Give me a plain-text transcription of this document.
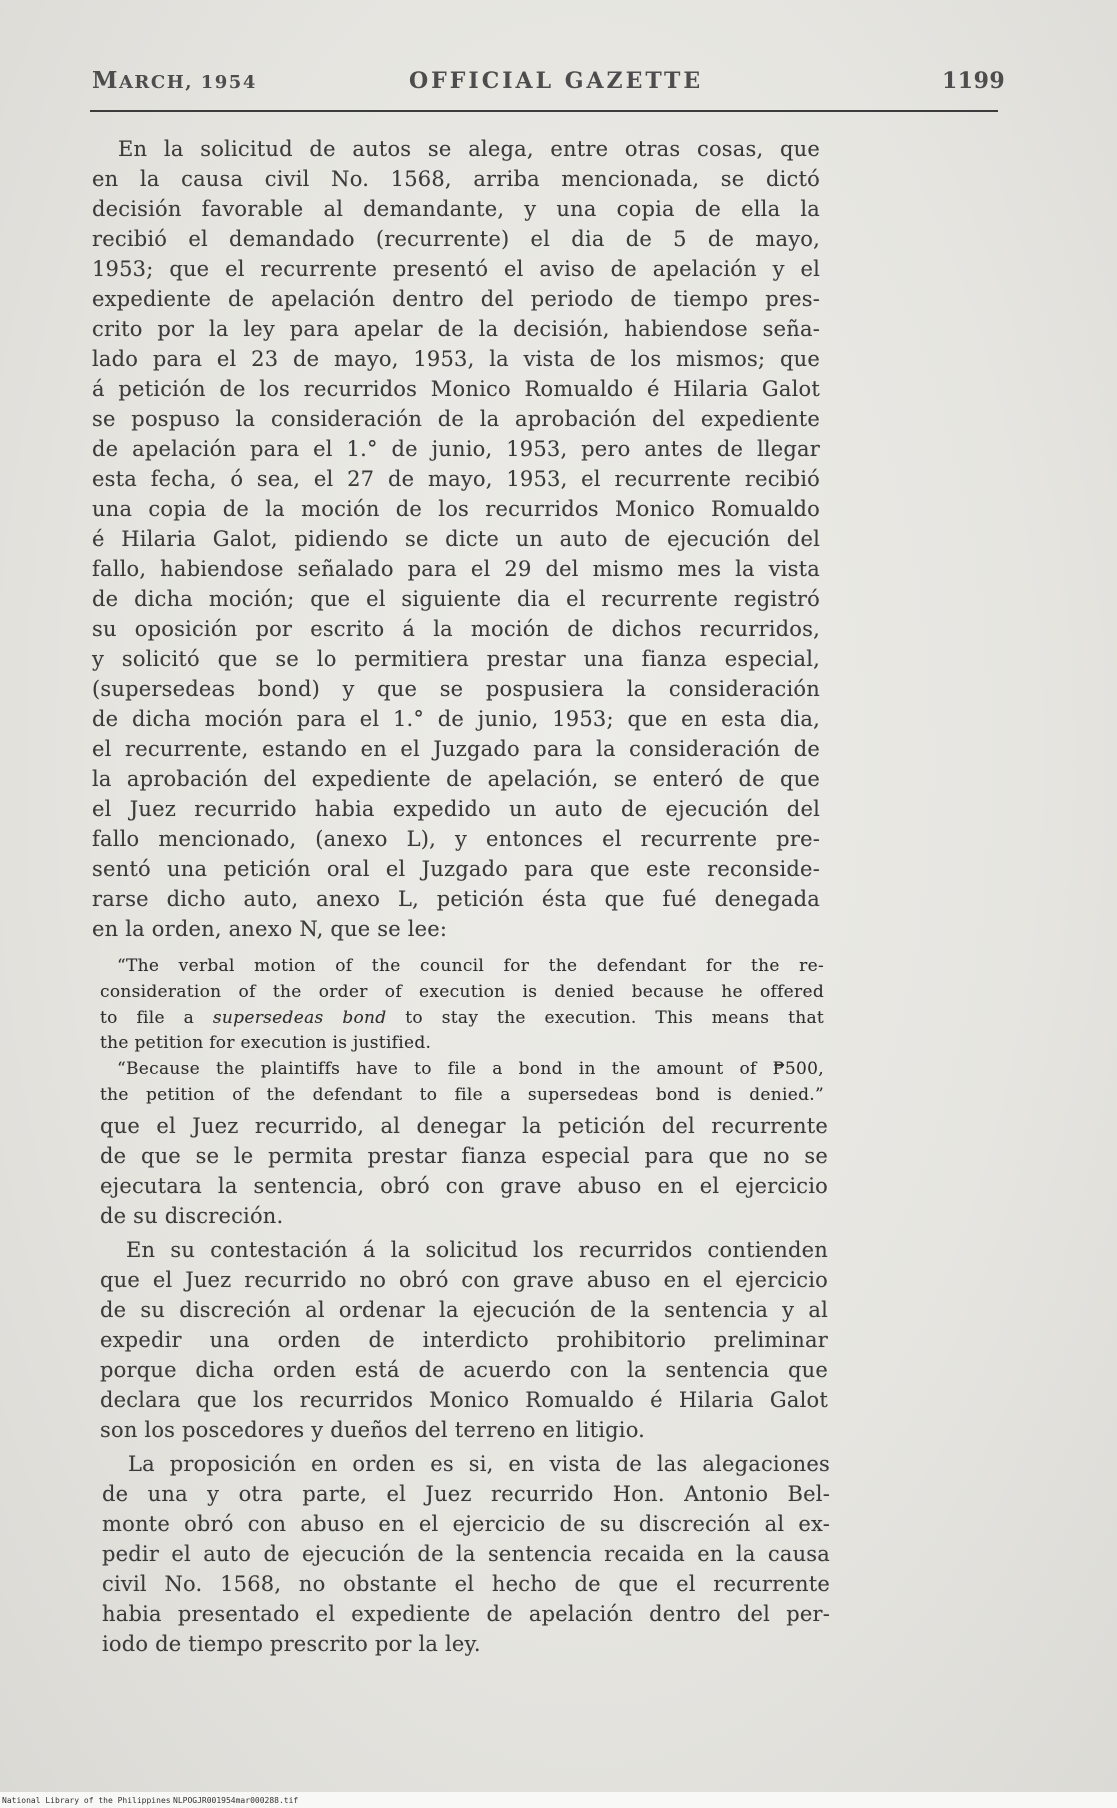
MARCH, 1954	OFFICIAL GAZETTE	1199
En la solicitud de autos se alega, entre otras cosas, que
en la causa civil No. 1568, arriba mencionada, se dictó
decisión favorable al demandante, y una copia de ella la
recibió el demandado (recurrente) el dia de 5 de mayo,
1953; que el recurrente presentó el aviso de apelación y el
expediente de apelación dentro del periodo de tiempo pres-
crito por la ley para apelar de la decisión, habiendose seña-
lado para el 23 de mayo, 1953, la vista de los mismos; que
á petición de los recurridos Monico Romualdo é Hilaria Galot
se pospuso la consideración de la aprobación del expediente
de apelación para el 1.° de junio, 1953, pero antes de llegar
esta fecha, ó sea, el 27 de mayo, 1953, el recurrente recibió
una copia de la moción de los recurridos Monico Romualdo
é Hilaria Galot, pidiendo se dicte un auto de ejecución del
fallo, habiendose señalado para el 29 del mismo mes la vista
de dicha moción; que el siguiente dia el recurrente registró
su oposición por escrito á la moción de dichos recurridos,
y solicitó que se lo permitiera prestar una fianza especial,
(supersedeas bond) y que se pospusiera la consideración
de dicha moción para el 1.° de junio, 1953; que en esta dia,
el recurrente, estando en el Juzgado para la consideración de
la aprobación del expediente de apelación, se enteró de que
el Juez recurrido habia expedido un auto de ejecución del
fallo mencionado, (anexo L), y entonces el recurrente pre-
sentó una petición oral el Juzgado para que este reconside-
rarse dicho auto, anexo L, petición ésta que fué denegada
en la orden, anexo N, que se lee:
“The verbal motion of the council for the defendant for the re-
consideration of the order of execution is denied because he offered
to file a supersedeas bond to stay the execution. This means that
the petition for execution is justified.
“Because the plaintiffs have to file a bond in the amount of ₱500,
the petition of the defendant to file a supersedeas bond is denied.”
que el Juez recurrido, al denegar la petición del recurrente
de que se le permita prestar fianza especial para que no se
ejecutara la sentencia, obró con grave abuso en el ejercicio
de su discreción.
En su contestación á la solicitud los recurridos contienden
que el Juez recurrido no obró con grave abuso en el ejercicio
de su discreción al ordenar la ejecución de la sentencia y al
expedir una orden de interdicto prohibitorio preliminar
porque dicha orden está de acuerdo con la sentencia que
declara que los recurridos Monico Romualdo é Hilaria Galot
son los poscedores y dueños del terreno en litigio.
La proposición en orden es si, en vista de las alegaciones
de una y otra parte, el Juez recurrido Hon. Antonio Bel-
monte obró con abuso en el ejercicio de su discreción al ex-
pedir el auto de ejecución de la sentencia recaida en la causa
civil No. 1568, no obstante el hecho de que el recurrente
habia presentado el expediente de apelación dentro del per-
iodo de tiempo prescrito por la ley.
National Library of the Philippines NLPOGJR001954mar000288.tif
